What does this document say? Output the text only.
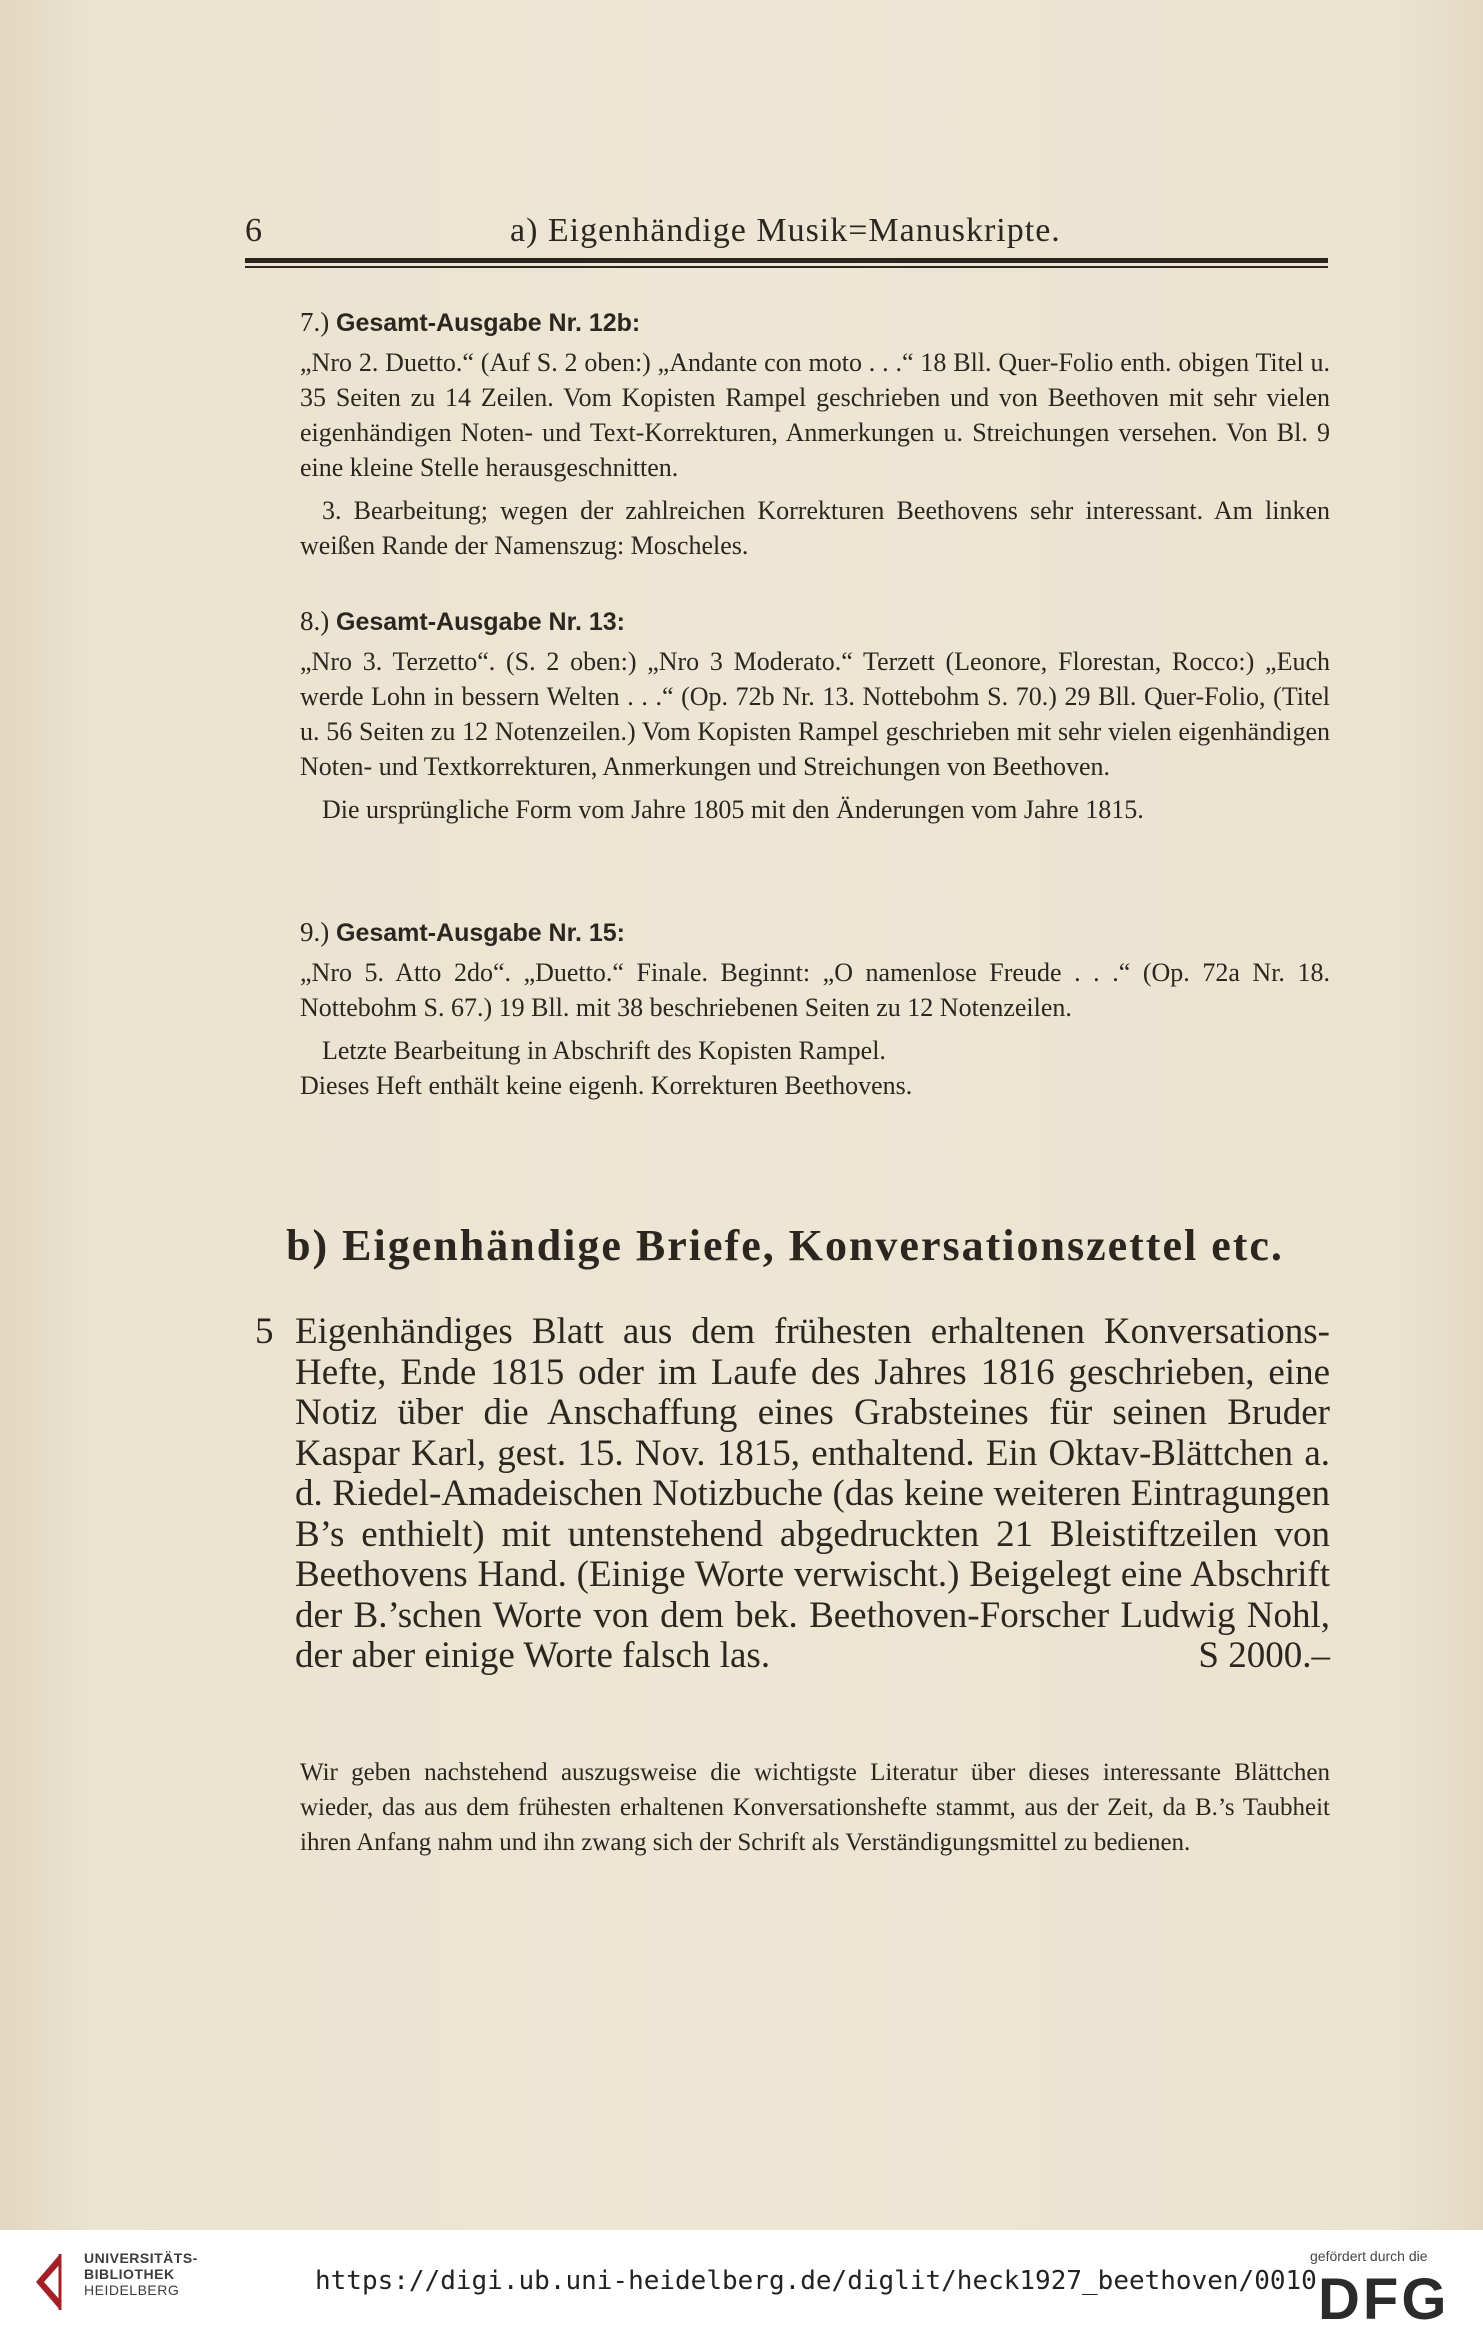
6	a) Eigenhändige Musik=Manuskripte.
7.) Gesamt-Ausgabe Nr. 12b:

„Nro 2. Duetto.“ (Auf S. 2 oben:) „Andante con moto . . .“ 18 Bll. Quer-Folio enth. obigen Titel u. 35 Seiten zu 14 Zeilen. Vom Kopisten Rampel geschrieben und von Beethoven mit sehr vielen eigenhändigen Noten- und Text-Korrekturen, Anmerkungen u. Streichungen versehen. Von Bl. 9 eine kleine Stelle herausgeschnitten.

3. Bearbeitung; wegen der zahlreichen Korrekturen Beethovens sehr interessant. Am linken weißen Rande der Namenszug: Moscheles.

8.) Gesamt-Ausgabe Nr. 13:

„Nro 3. Terzetto“. (S. 2 oben:) „Nro 3 Moderato.“ Terzett (Leonore, Florestan, Rocco:) „Euch werde Lohn in bessern Welten . . .“ (Op. 72b Nr. 13. Nottebohm S. 70.) 29 Bll. Quer-Folio, (Titel u. 56 Seiten zu 12 Notenzeilen.) Vom Kopisten Rampel geschrieben mit sehr vielen eigenhändigen Noten- und Textkorrekturen, Anmerkungen und Streichungen von Beethoven.

Die ursprüngliche Form vom Jahre 1805 mit den Änderungen vom Jahre 1815.

9.) Gesamt-Ausgabe Nr. 15:

„Nro 5. Atto 2do“. „Duetto.“ Finale. Beginnt: „O namenlose Freude . . .“ (Op. 72a Nr. 18. Nottebohm S. 67.) 19 Bll. mit 38 beschriebenen Seiten zu 12 Notenzeilen.

Letzte Bearbeitung in Abschrift des Kopisten Rampel.

Dieses Heft enthält keine eigenh. Korrekturen Beethovens.

b) Eigenhändige Briefe, Konversationszettel etc.
5 Eigenhändiges Blatt aus dem frühesten erhaltenen Konversations-Hefte, Ende 1815 oder im Laufe des Jahres 1816 geschrieben, eine Notiz über die Anschaffung eines Grabsteines für seinen Bruder Kaspar Karl, gest. 15. Nov. 1815, enthaltend. Ein Oktav-Blättchen a. d. Riedel-Amadeischen Notizbuche (das keine weiteren Eintragungen B’s enthielt) mit untenstehend abgedruckten 21 Bleistiftzeilen von Beethovens Hand. (Einige Worte verwischt.) Beigelegt eine Abschrift der B.’schen Worte von dem bek. Beethoven-Forscher Ludwig Nohl, der aber einige Worte falsch las.	S 2000.–
Wir geben nachstehend auszugsweise die wichtigste Literatur über dieses interessante Blättchen wieder, das aus dem frühesten erhaltenen Konversationshefte stammt, aus der Zeit, da B.’s Taubheit ihren Anfang nahm und ihn zwang sich der Schrift als Verständigungsmittel zu bedienen.
UNIVERSITÄTS-
BIBLIOTHEK
HEIDELBERG	https://digi.ub.uni-heidelberg.de/diglit/heck1927_beethoven/0010
gefördert durch die
DFG
